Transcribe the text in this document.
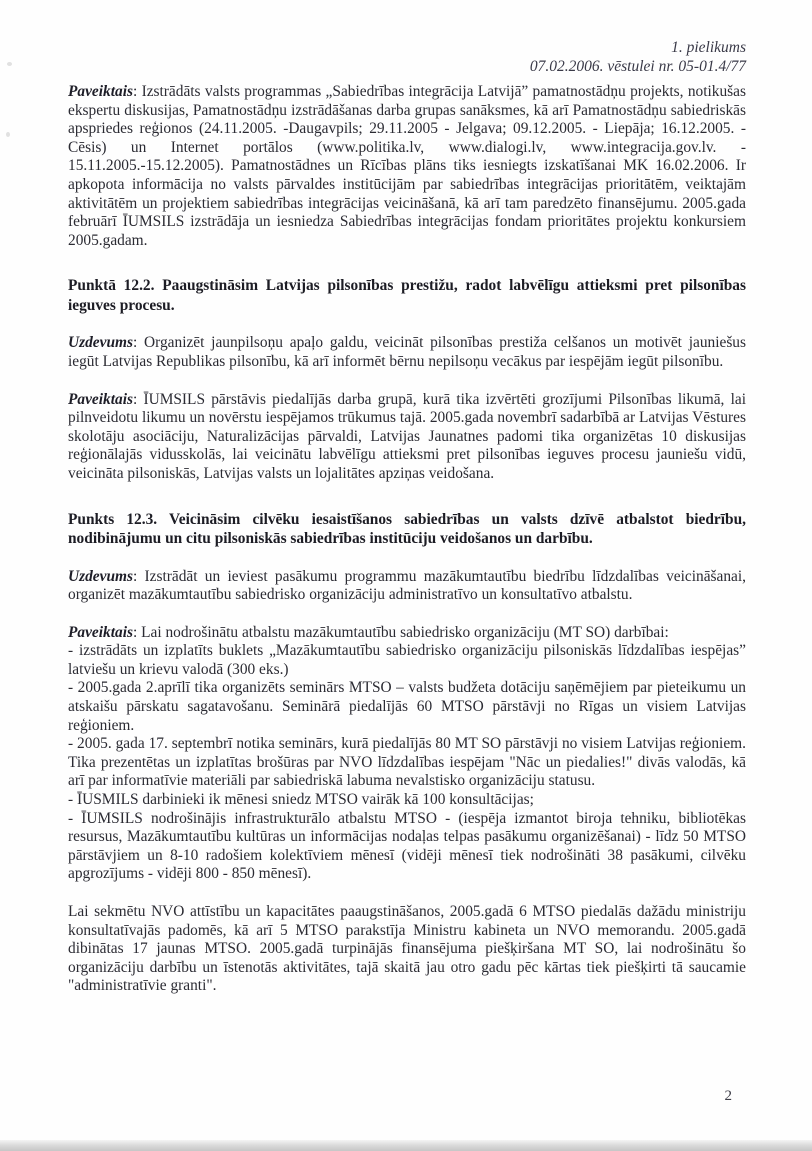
1. pielikums
07.02.2006. vēstulei nr. 05-01.4/77

Paveiktais: Izstrādāts valsts programmas „Sabiedrības integrācija Latvijā” pamatnostādņu projekts, notikušas ekspertu diskusijas, Pamatnostādņu izstrādāšanas darba grupas sanāksmes, kā arī Pamatnostādņu sabiedriskās apspriedes reģionos (24.11.2005. -Daugavpils; 29.11.2005 - Jelgava; 09.12.2005. - Liepāja; 16.12.2005. - Cēsis) un Internet portālos (www.politika.lv, www.dialogi.lv, www.integracija.gov.lv. - 15.11.2005.-15.12.2005). Pamatnostādnes un Rīcības plāns tiks iesniegts izskatīšanai MK 16.02.2006. Ir apkopota informācija no valsts pārvaldes institūcijām par sabiedrības integrācijas prioritātēm, veiktajām aktivitātēm un projektiem sabiedrības integrācijas veicināšanā, kā arī tam paredzēto finansējumu. 2005.gada februārī ĪUMSILS izstrādāja un iesniedza Sabiedrības integrācijas fondam prioritātes projektu konkursiem 2005.gadam.

Punktā 12.2. Paaugstināsim Latvijas pilsonības prestižu, radot labvēlīgu attieksmi pret pilsonības ieguves procesu.

Uzdevums: Organizēt jaunpilsoņu apaļo galdu, veicināt pilsonības prestiža celšanos un motivēt jauniešus iegūt Latvijas Republikas pilsonību, kā arī informēt bērnu nepilsoņu vecākus par iespējām iegūt pilsonību.

Paveiktais: ĪUMSILS pārstāvis piedalījās darba grupā, kurā tika izvērtēti grozījumi Pilsonības likumā, lai pilnveidotu likumu un novērstu iespējamos trūkumus tajā. 2005.gada novembrī sadarbībā ar Latvijas Vēstures skolotāju asociāciju, Naturalizācijas pārvaldi, Latvijas Jaunatnes padomi tika organizētas 10 diskusijas reģionālajās vidusskolās, lai veicinātu labvēlīgu attieksmi pret pilsonības ieguves procesu jauniešu vidū, veicināta pilsoniskās, Latvijas valsts un lojalitātes apziņas veidošana.

Punkts 12.3. Veicināsim cilvēku iesaistīšanos sabiedrības un valsts dzīvē atbalstot biedrību, nodibinājumu un citu pilsoniskās sabiedrības institūciju veidošanos un darbību.

Uzdevums: Izstrādāt un ieviest pasākumu programmu mazākumtautību biedrību līdzdalības veicināšanai, organizēt mazākumtautību sabiedrisko organizāciju administratīvo un konsultatīvo atbalstu.

Paveiktais: Lai nodrošinātu atbalstu mazākumtautību sabiedrisko organizāciju (MT SO) darbībai:
- izstrādāts un izplatīts buklets „Mazākumtautību sabiedrisko organizāciju pilsoniskās līdzdalības iespējas” latviešu un krievu valodā (300 eks.)
- 2005.gada 2.aprīlī tika organizēts seminārs MTSO – valsts budžeta dotāciju saņēmējiem par pieteikumu un atskaišu pārskatu sagatavošanu. Seminārā piedalījās 60 MTSO pārstāvji no Rīgas un visiem Latvijas reģioniem.
- 2005. gada 17. septembrī notika seminārs, kurā piedalījās 80 MT SO pārstāvji no visiem Latvijas reģioniem. Tika prezentētas un izplatītas brošūras par NVO līdzdalības iespējam "Nāc un piedalies!" divās valodās, kā arī par informatīvie materiāli par sabiedriskā labuma nevalstisko organizāciju statusu.
- ĪUSMILS darbinieki ik mēnesi sniedz MTSO vairāk kā 100 konsultācijas;
- ĪUMSILS nodrošinājis infrastrukturālo atbalstu MTSO - (iespēja izmantot biroja tehniku, bibliotēkas resursus, Mazākumtautību kultūras un informācijas nodaļas telpas pasākumu organizēšanai) - līdz 50 MTSO pārstāvjiem un 8-10 radošiem kolektīviem mēnesī (vidēji mēnesī tiek nodrošināti 38 pasākumi, cilvēku apgrozījums - vidēji 800 - 850 mēnesī).

Lai sekmētu NVO attīstību un kapacitātes paaugstināšanos, 2005.gadā 6 MTSO piedalās dažādu ministriju konsultatīvajās padomēs, kā arī 5 MTSO parakstīja Ministru kabineta un NVO memorandu. 2005.gadā dibinātas 17 jaunas MTSO. 2005.gadā turpinājās finansējuma piešķiršana MT SO, lai nodrošinātu šo organizāciju darbību un īstenotās aktivitātes, tajā skaitā jau otro gadu pēc kārtas tiek piešķirti tā saucamie "administratīvie granti".

2
